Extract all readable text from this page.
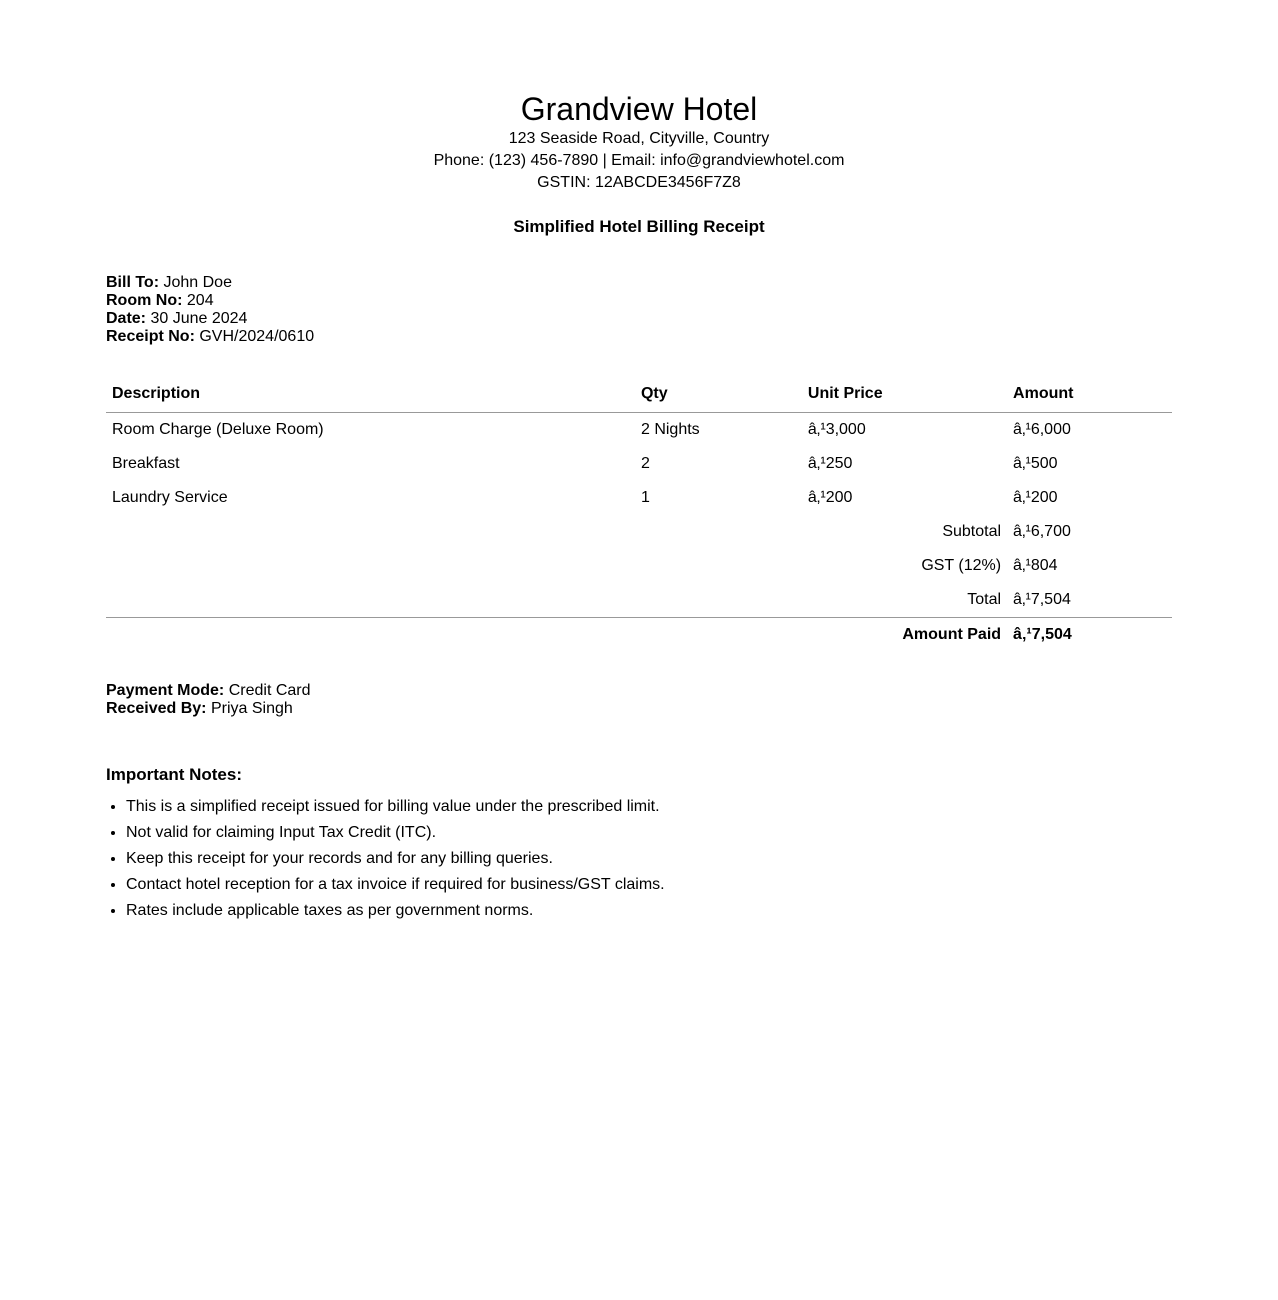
Grandview Hotel
123 Seaside Road, Cityville, Country
Phone: (123) 456-7890 | Email: info@grandviewhotel.com
GSTIN: 12ABCDE3456F7Z8
Simplified Hotel Billing Receipt
Bill To: John Doe
Room No: 204
Date: 30 June 2024
Receipt No: GVH/2024/0610
Description	Qty	Unit Price	Amount
Room Charge (Deluxe Room)	2 Nights	â‚¹3,000	â‚¹6,000
Breakfast	2	â‚¹250	â‚¹500
Laundry Service	1	â‚¹200	â‚¹200
Subtotal			â‚¹6,700
GST (12%)			â‚¹804
Total			â‚¹7,504
Amount Paid			â‚¹7,504
Payment Mode: Credit Card
Received By: Priya Singh
Important Notes:
• This is a simplified receipt issued for billing value under the prescribed limit.
• Not valid for claiming Input Tax Credit (ITC).
• Keep this receipt for your records and for any billing queries.
• Contact hotel reception for a tax invoice if required for business/GST claims.
• Rates include applicable taxes as per government norms.
